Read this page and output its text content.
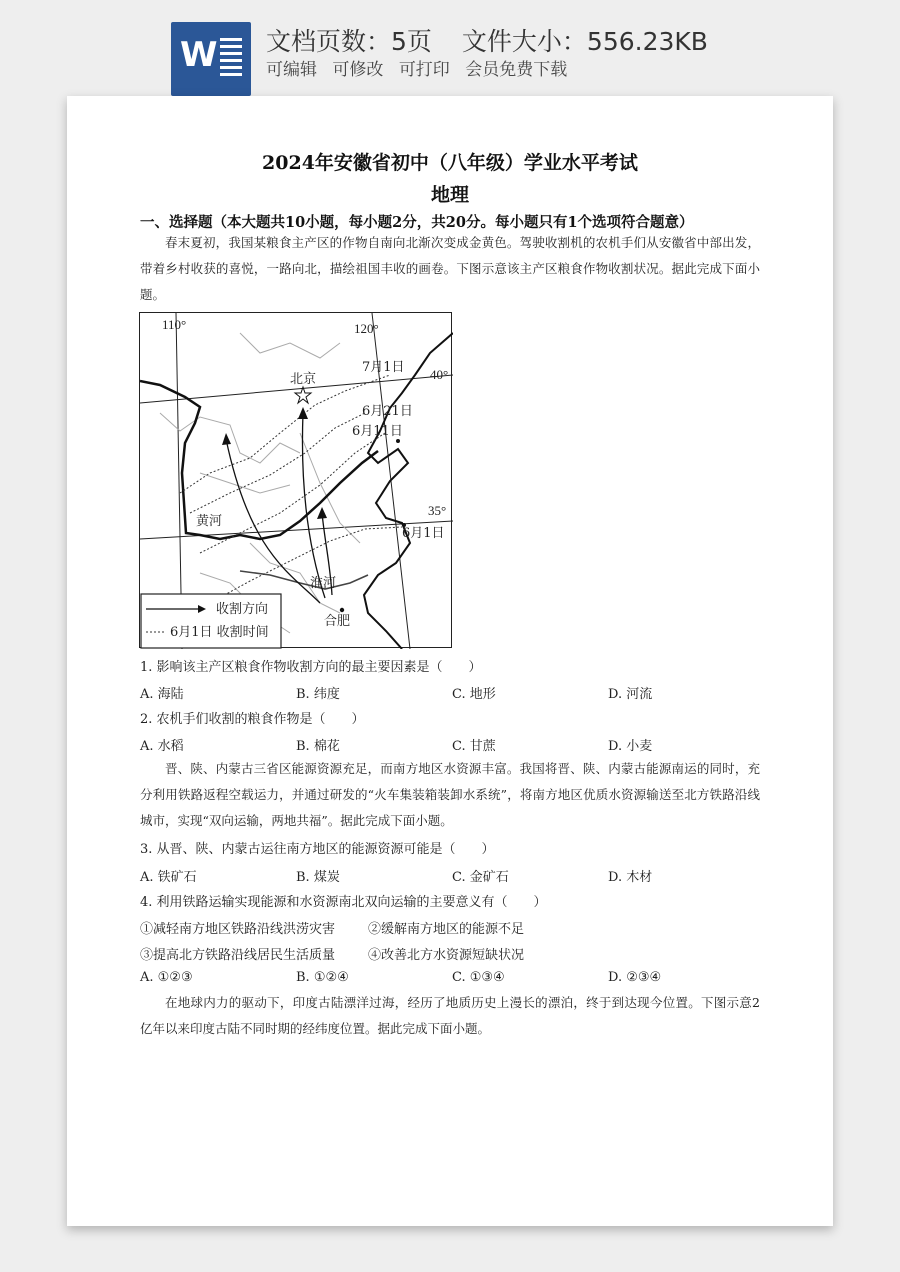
W 文档页数：5页 文件大小：556.23KB
可编辑 可修改 可打印 会员免费下载
2024年安徽省初中（八年级）学业水平考试
地理
一、选择题（本大题共10小题，每小题2分，共20分。每小题只有1个选项符合题意）
春末夏初，我国某粮食主产区的作物自南向北渐次变成金黄色。驾驶收割机的农机手们从安徽省中部出发，带着乡村收获的喜悦，一路向北，描绘祖国丰收的画卷。下图示意该主产区粮食作物收割状况。据此完成下面小题。
110°	120°
40°
35°
北京
7月1日
6月21日
6月11日
6月1日
黄河
淮河
合肥
收割方向
6月1日 收割时间
1. 影响该主产区粮食作物收割方向的最主要因素是（　　）
A. 海陆	B. 纬度	C. 地形	D. 河流
2. 农机手们收割的粮食作物是（　　）
A. 水稻	B. 棉花	C. 甘蔗	D. 小麦
晋、陕、内蒙古三省区能源资源充足，而南方地区水资源丰富。我国将晋、陕、内蒙古能源南运的同时，充分利用铁路返程空载运力，并通过研发的“火车集装箱装卸水系统”，将南方地区优质水资源输送至北方铁路沿线城市，实现“双向运输，两地共福”。据此完成下面小题。
3. 从晋、陕、内蒙古运往南方地区的能源资源可能是（　　）
A. 铁矿石	B. 煤炭	C. 金矿石	D. 木材
4. 利用铁路运输实现能源和水资源南北双向运输的主要意义有（　　）
①减轻南方地区铁路沿线洪涝灾害	②缓解南方地区的能源不足
③提高北方铁路沿线居民生活质量	④改善北方水资源短缺状况
A. ①②③	B. ①②④	C. ①③④	D. ②③④
在地球内力的驱动下，印度古陆漂洋过海，经历了地质历史上漫长的漂泊，终于到达现今位置。下图示意2亿年以来印度古陆不同时期的经纬度位置。据此完成下面小题。
